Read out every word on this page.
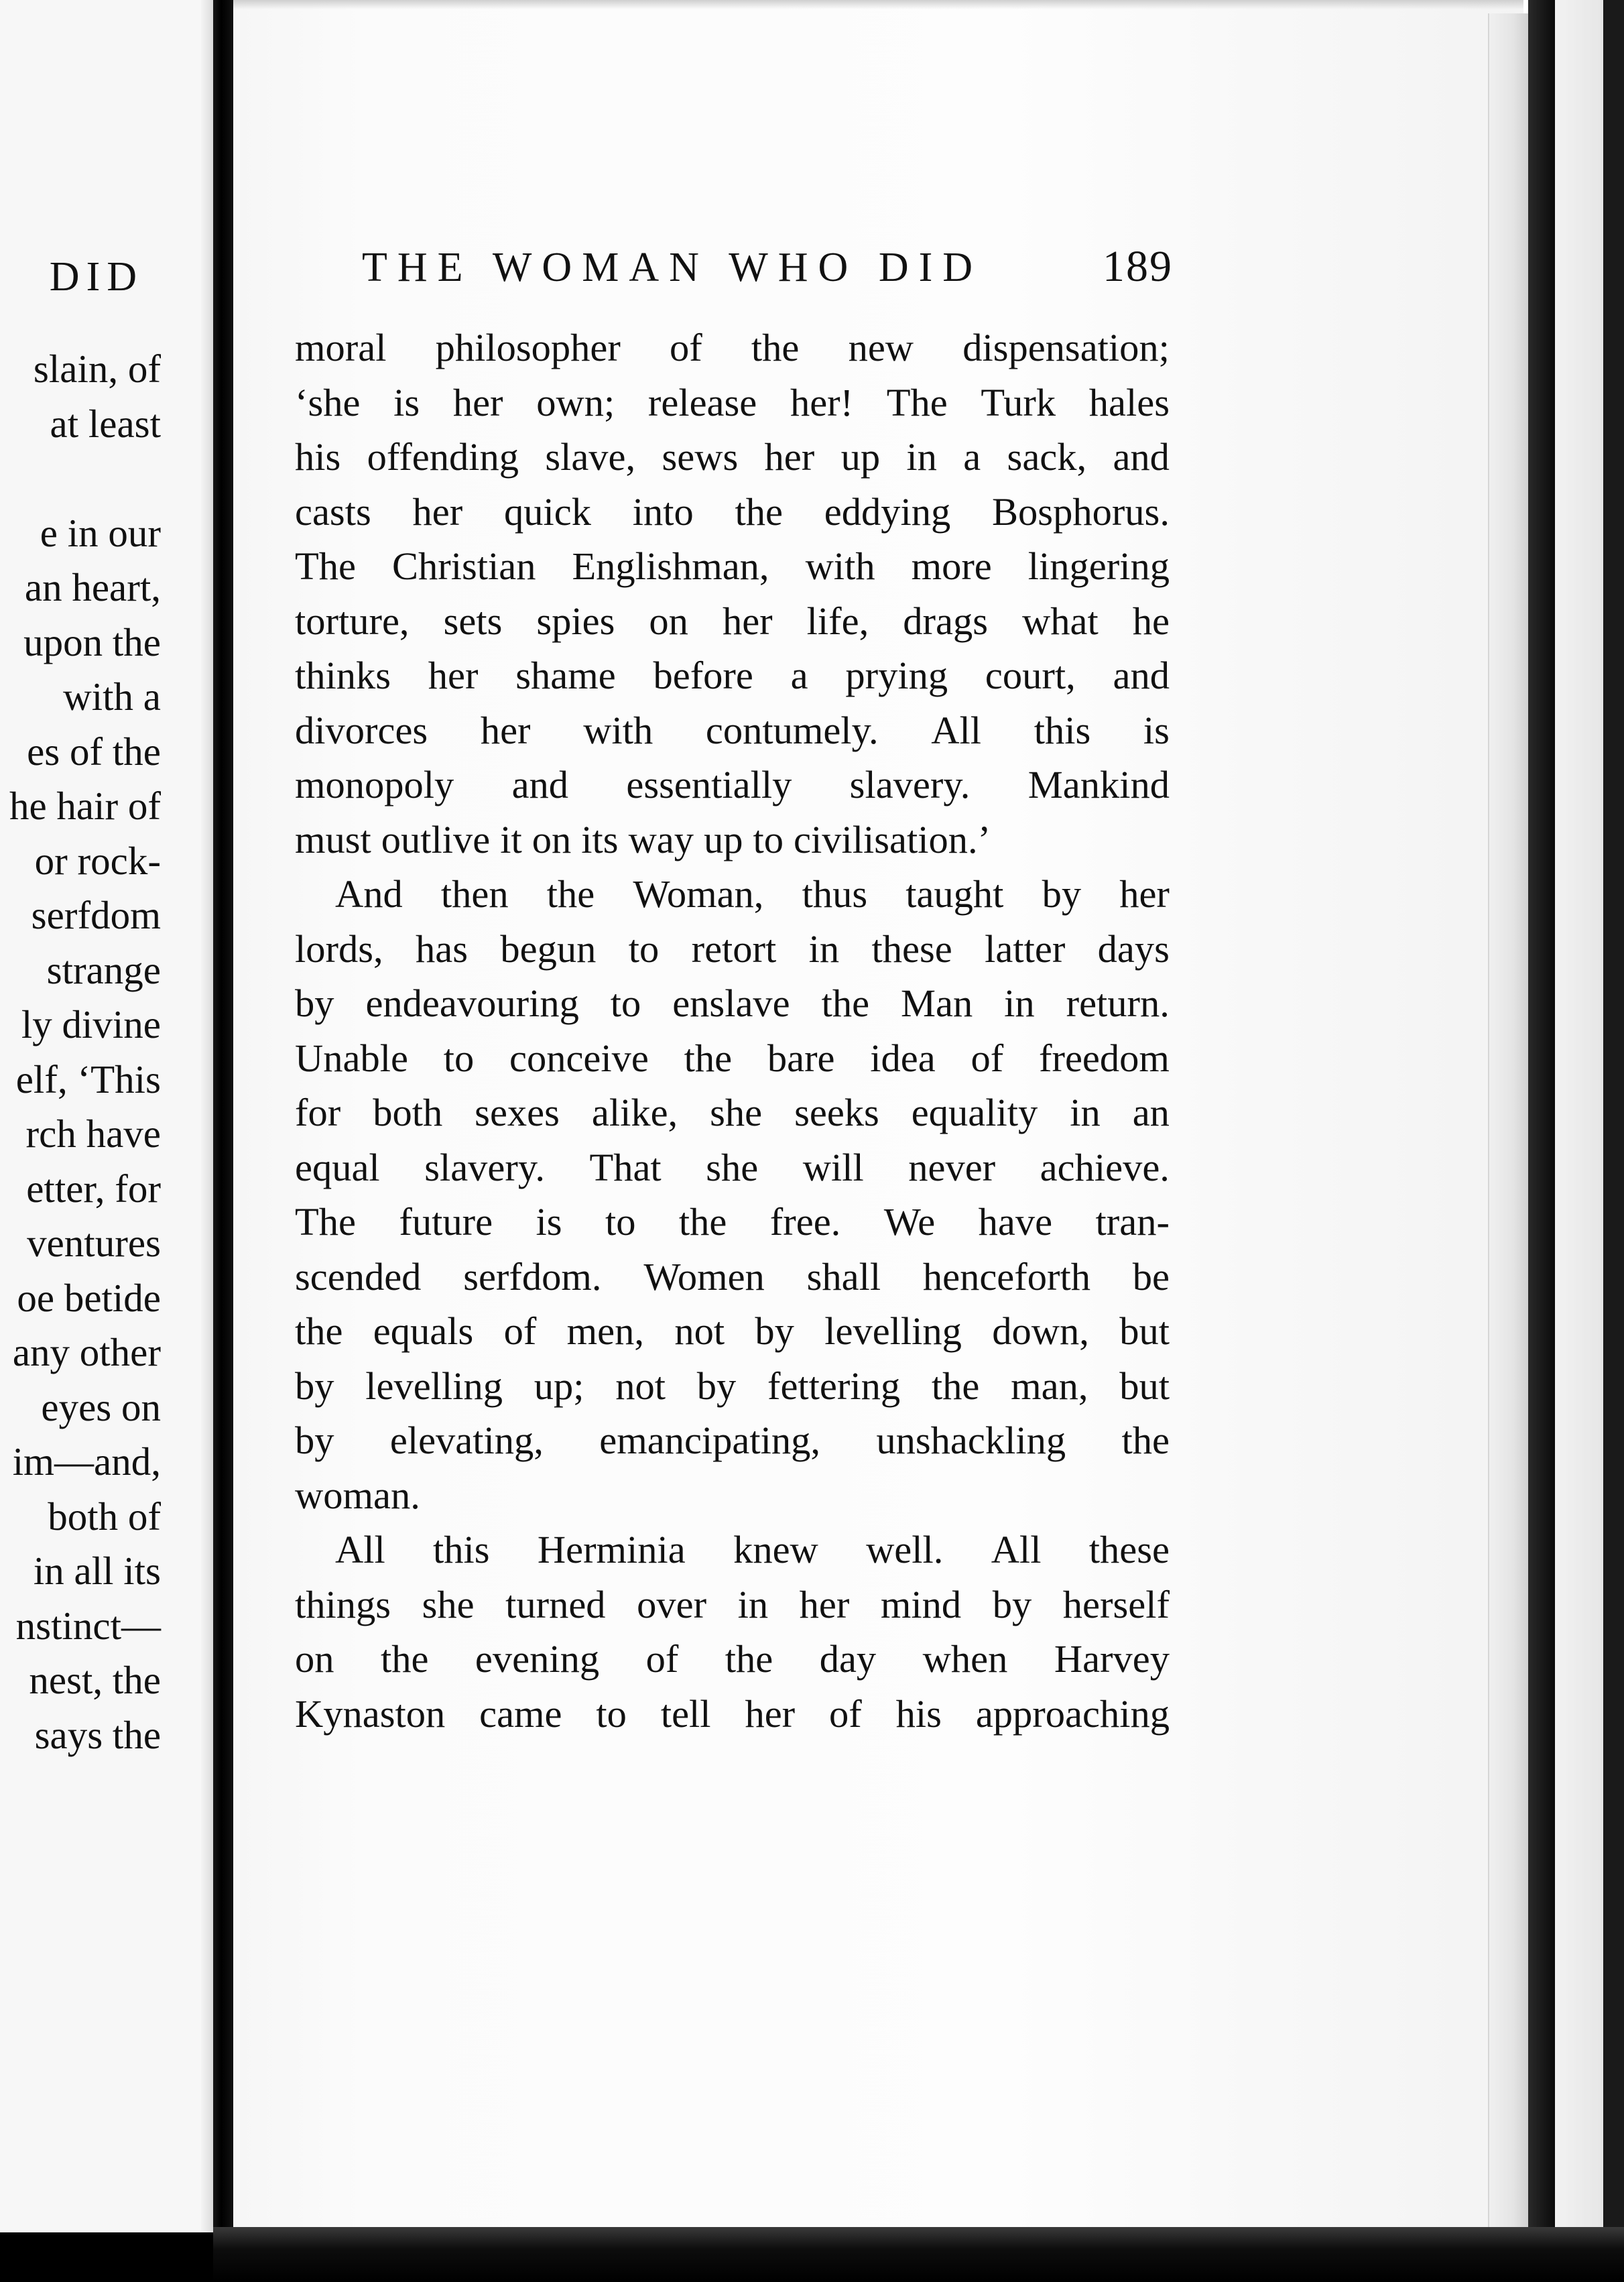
DID
slain, of
at least

e in our
an heart,
upon the
with a
es of the
he hair of
or rock-
serfdom
strange
ly divine
elf, ‘This
rch have
etter, for
ventures
oe betide
any other
eyes on
im—and,
both of
in all its
nstinct—
nest, the
says the
THE WOMAN WHO DID	189
moral philosopher of the new dispensation;
‘she is her own; release her! The Turk hales
his offending slave, sews her up in a sack, and
casts her quick into the eddying Bosphorus.
The Christian Englishman, with more lingering
torture, sets spies on her life, drags what he
thinks her shame before a prying court, and
divorces her with contumely. All this is
monopoly and essentially slavery. Mankind
must outlive it on its way up to civilisation.’
And then the Woman, thus taught by her
lords, has begun to retort in these latter days
by endeavouring to enslave the Man in return.
Unable to conceive the bare idea of freedom
for both sexes alike, she seeks equality in an
equal slavery. That she will never achieve.
The future is to the free. We have tran-
scended serfdom. Women shall henceforth be
the equals of men, not by levelling down, but
by levelling up; not by fettering the man, but
by elevating, emancipating, unshackling the
woman.
All this Herminia knew well. All these
things she turned over in her mind by herself
on the evening of the day when Harvey
Kynaston came to tell her of his approaching
